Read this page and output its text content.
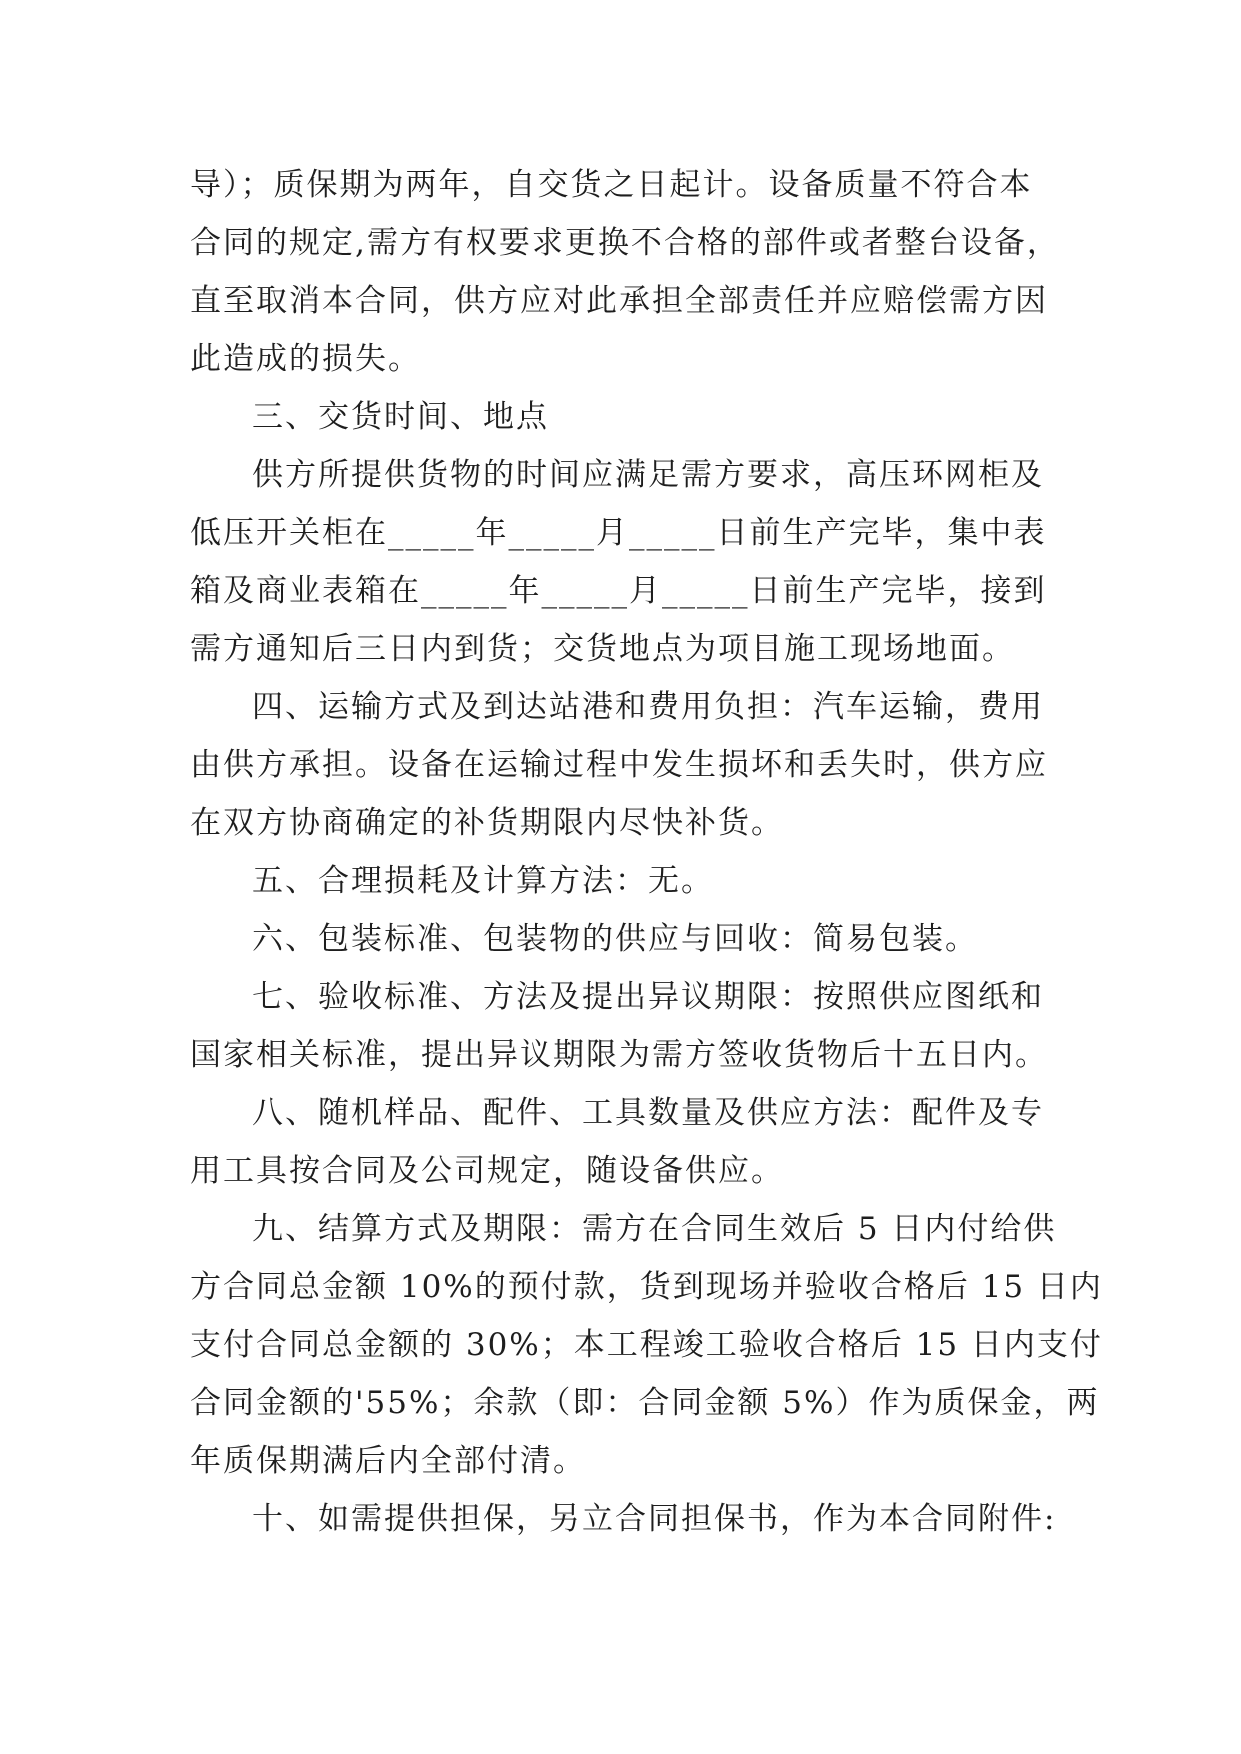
导）；质保期为两年，自交货之日起计。设备质量不符合本
合同的规定,需方有权要求更换不合格的部件或者整台设备，
直至取消本合同，供方应对此承担全部责任并应赔偿需方因
此造成的损失。
三、交货时间、地点
供方所提供货物的时间应满足需方要求，高压环网柜及
低压开关柜在_____年_____月_____日前生产完毕，集中表
箱及商业表箱在_____年_____月_____日前生产完毕，接到
需方通知后三日内到货；交货地点为项目施工现场地面。
四、运输方式及到达站港和费用负担：汽车运输，费用
由供方承担。设备在运输过程中发生损坏和丢失时，供方应
在双方协商确定的补货期限内尽快补货。
五、合理损耗及计算方法：无。
六、包装标准、包装物的供应与回收：简易包装。
七、验收标准、方法及提出异议期限：按照供应图纸和
国家相关标准，提出异议期限为需方签收货物后十五日内。
八、随机样品、配件、工具数量及供应方法：配件及专
用工具按合同及公司规定，随设备供应。
九、结算方式及期限：需方在合同生效后 5 日内付给供
方合同总金额 10%的预付款，货到现场并验收合格后 15 日内
支付合同总金额的 30%；本工程竣工验收合格后 15 日内支付
合同金额的'55%；余款（即：合同金额 5%）作为质保金，两
年质保期满后内全部付清。
十、如需提供担保，另立合同担保书，作为本合同附件:
